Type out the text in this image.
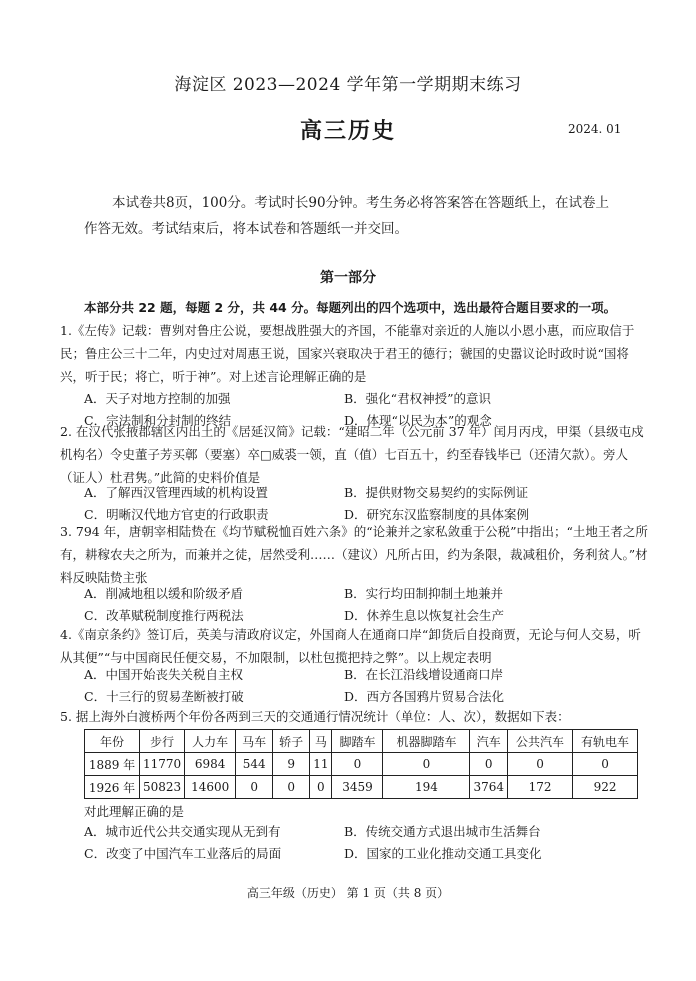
海淀区 2023—2024 学年第一学期期末练习
高三历史	2024. 01
本试卷共8页，100分。考试时长90分钟。考生务必将答案答在答题纸上，在试卷上作答无效。考试结束后，将本试卷和答题纸一并交回。
第一部分
本部分共 22 题，每题 2 分，共 44 分。每题列出的四个选项中，选出最符合题目要求的一项。
1.《左传》记载：曹刿对鲁庄公说，要想战胜强大的齐国，不能靠对亲近的人施以小恩小惠，而应取信于民；鲁庄公三十二年，内史过对周惠王说，国家兴衰取决于君王的德行；虢国的史嚣议论时政时说“国将兴，听于民；将亡，听于神”。对上述言论理解正确的是
A．天子对地方控制的加强	B．强化“君权神授”的意识
C．宗法制和分封制的终结	D．体现“以民为本”的观念
2. 在汉代张掖郡辖区内出土的《居延汉简》记载：“建昭二年（公元前 37 年）闰月丙戌，甲渠（县级屯戍机构名）令史董子芳买鄣（要塞）卒□威裘一领，直（值）七百五十，约至春钱毕已（还清欠款）。旁人（证人）杜君隽。”此简的史料价值是
A．了解西汉管理西域的机构设置	B．提供财物交易契约的实际例证
C．明晰汉代地方官吏的行政职责	D．研究东汉监察制度的具体案例
3. 794 年，唐朝宰相陆贽在《均节赋税恤百姓六条》的“论兼并之家私敛重于公税”中指出；“土地王者之所有，耕稼农夫之所为，而兼并之徒，居然受利……（建议）凡所占田，约为条限，裁减租价，务利贫人。”材料反映陆贽主张
A．削减地租以缓和阶级矛盾	B．实行均田制抑制土地兼并
C．改革赋税制度推行两税法	D．休养生息以恢复社会生产
4.《南京条约》签订后，英美与清政府议定，外国商人在通商口岸“卸货后自投商贾，无论与何人交易，听从其便”“与中国商民任便交易，不加限制，以杜包揽把持之弊”。以上规定表明
A．中国开始丧失关税自主权	B．在长江沿线增设通商口岸
C．十三行的贸易垄断被打破	D．西方各国鸦片贸易合法化
5. 据上海外白渡桥两个年份各两到三天的交通通行情况统计（单位：人、次），数据如下表：
年份	步行	人力车	马车	轿子	马	脚踏车	机器脚踏车	汽车	公共汽车	有轨电车
1889 年	11770	6984	544	9	11	0	0	0	0	0
1926 年	50823	14600	0	0	0	3459	194	3764	172	922
对此理解正确的是
A．城市近代公共交通实现从无到有	B．传统交通方式退出城市生活舞台
C．改变了中国汽车工业落后的局面	D．国家的工业化推动交通工具变化
高三年级（历史） 第 1 页（共 8 页）
